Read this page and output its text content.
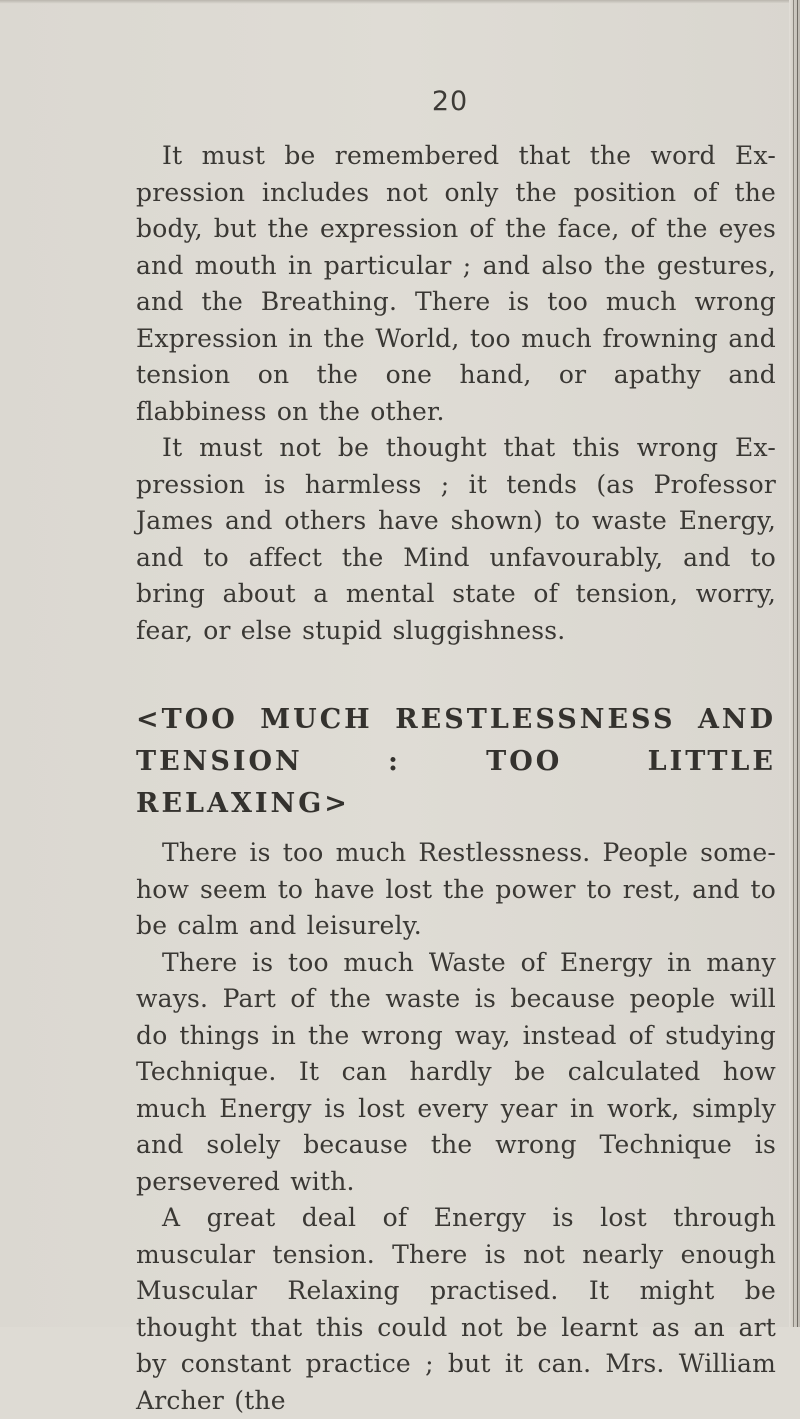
20

It must be remembered that the word Ex-pression includes not only the position of the body, but the expression of the face, of the eyes and mouth in particular ; and also the gestures, and the Breathing. There is too much wrong Expression in the World, too much frowning and tension on the one hand, or apathy and flabbiness on the other.

It must not be thought that this wrong Ex-pression is harmless ; it tends (as Professor James and others have shown) to waste Energy, and to affect the Mind unfavourably, and to bring about a mental state of tension, worry, fear, or else stupid sluggishness.

<TOO MUCH RESTLESSNESS AND TENSION : TOO LITTLE RELAXING>

There is too much Restlessness. People some-how seem to have lost the power to rest, and to be calm and leisurely.

There is too much Waste of Energy in many ways. Part of the waste is because people will do things in the wrong way, instead of studying Technique. It can hardly be calculated how much Energy is lost every year in work, simply and solely because the wrong Technique is persevered with.

A great deal of Energy is lost through muscular tension. There is not nearly enough Muscular Relaxing practised. It might be thought that this could not be learnt as an art by constant practice ; but it can. Mrs. William Archer (the
